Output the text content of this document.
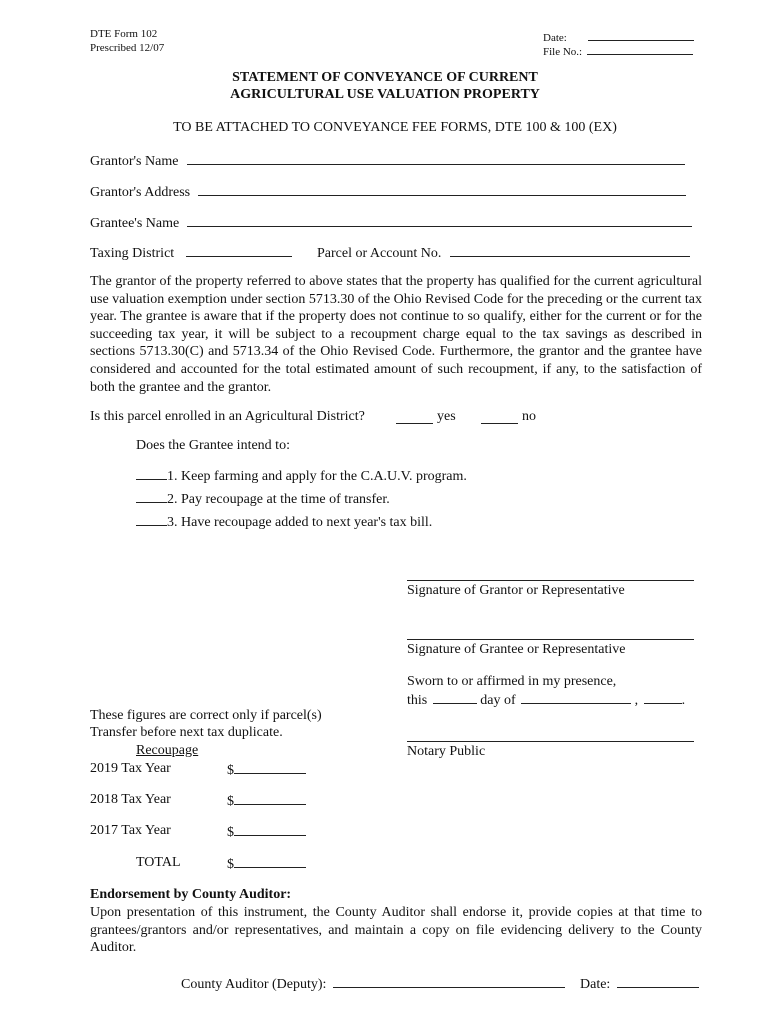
DTE Form 102
Prescribed 12/07
Date:
File No.:
STATEMENT OF CONVEYANCE OF CURRENT
AGRICULTURAL USE VALUATION PROPERTY
TO BE ATTACHED TO CONVEYANCE FEE FORMS, DTE 100 & 100 (EX)
Grantor's Name
Grantor's Address
Grantee's Name
Taxing District	Parcel or Account No.
The grantor of the property referred to above states that the property has qualified for the current agricultural use valuation exemption under section 5713.30 of the Ohio Revised Code for the preceding or the current tax year. The grantee is aware that if the property does not continue to so qualify, either for the current or for the succeeding tax year, it will be subject to a recoupment charge equal to the tax savings as described in sections 5713.30(C) and 5713.34 of the Ohio Revised Code. Furthermore, the grantor and the grantee have considered and accounted for the total estimated amount of such recoupment, if any, to the satisfaction of both the grantee and the grantor.
Is this parcel enrolled in an Agricultural District?	yes	no
Does the Grantee intend to:
1. Keep farming and apply for the C.A.U.V. program.
2. Pay recoupage at the time of transfer.
3. Have recoupage added to next year's tax bill.
Signature of Grantor or Representative
Signature of Grantee or Representative
Sworn to or affirmed in my presence,
this	day of	,	.
Notary Public
These figures are correct only if parcel(s)
Transfer before next tax duplicate.
Recoupage
2019 Tax Year	$
2018 Tax Year	$
2017 Tax Year	$
TOTAL	$
Endorsement by County Auditor:
Upon presentation of this instrument, the County Auditor shall endorse it, provide copies at that time to grantees/grantors and/or representatives, and maintain a copy on file evidencing delivery to the County Auditor.
County Auditor (Deputy):	Date:
